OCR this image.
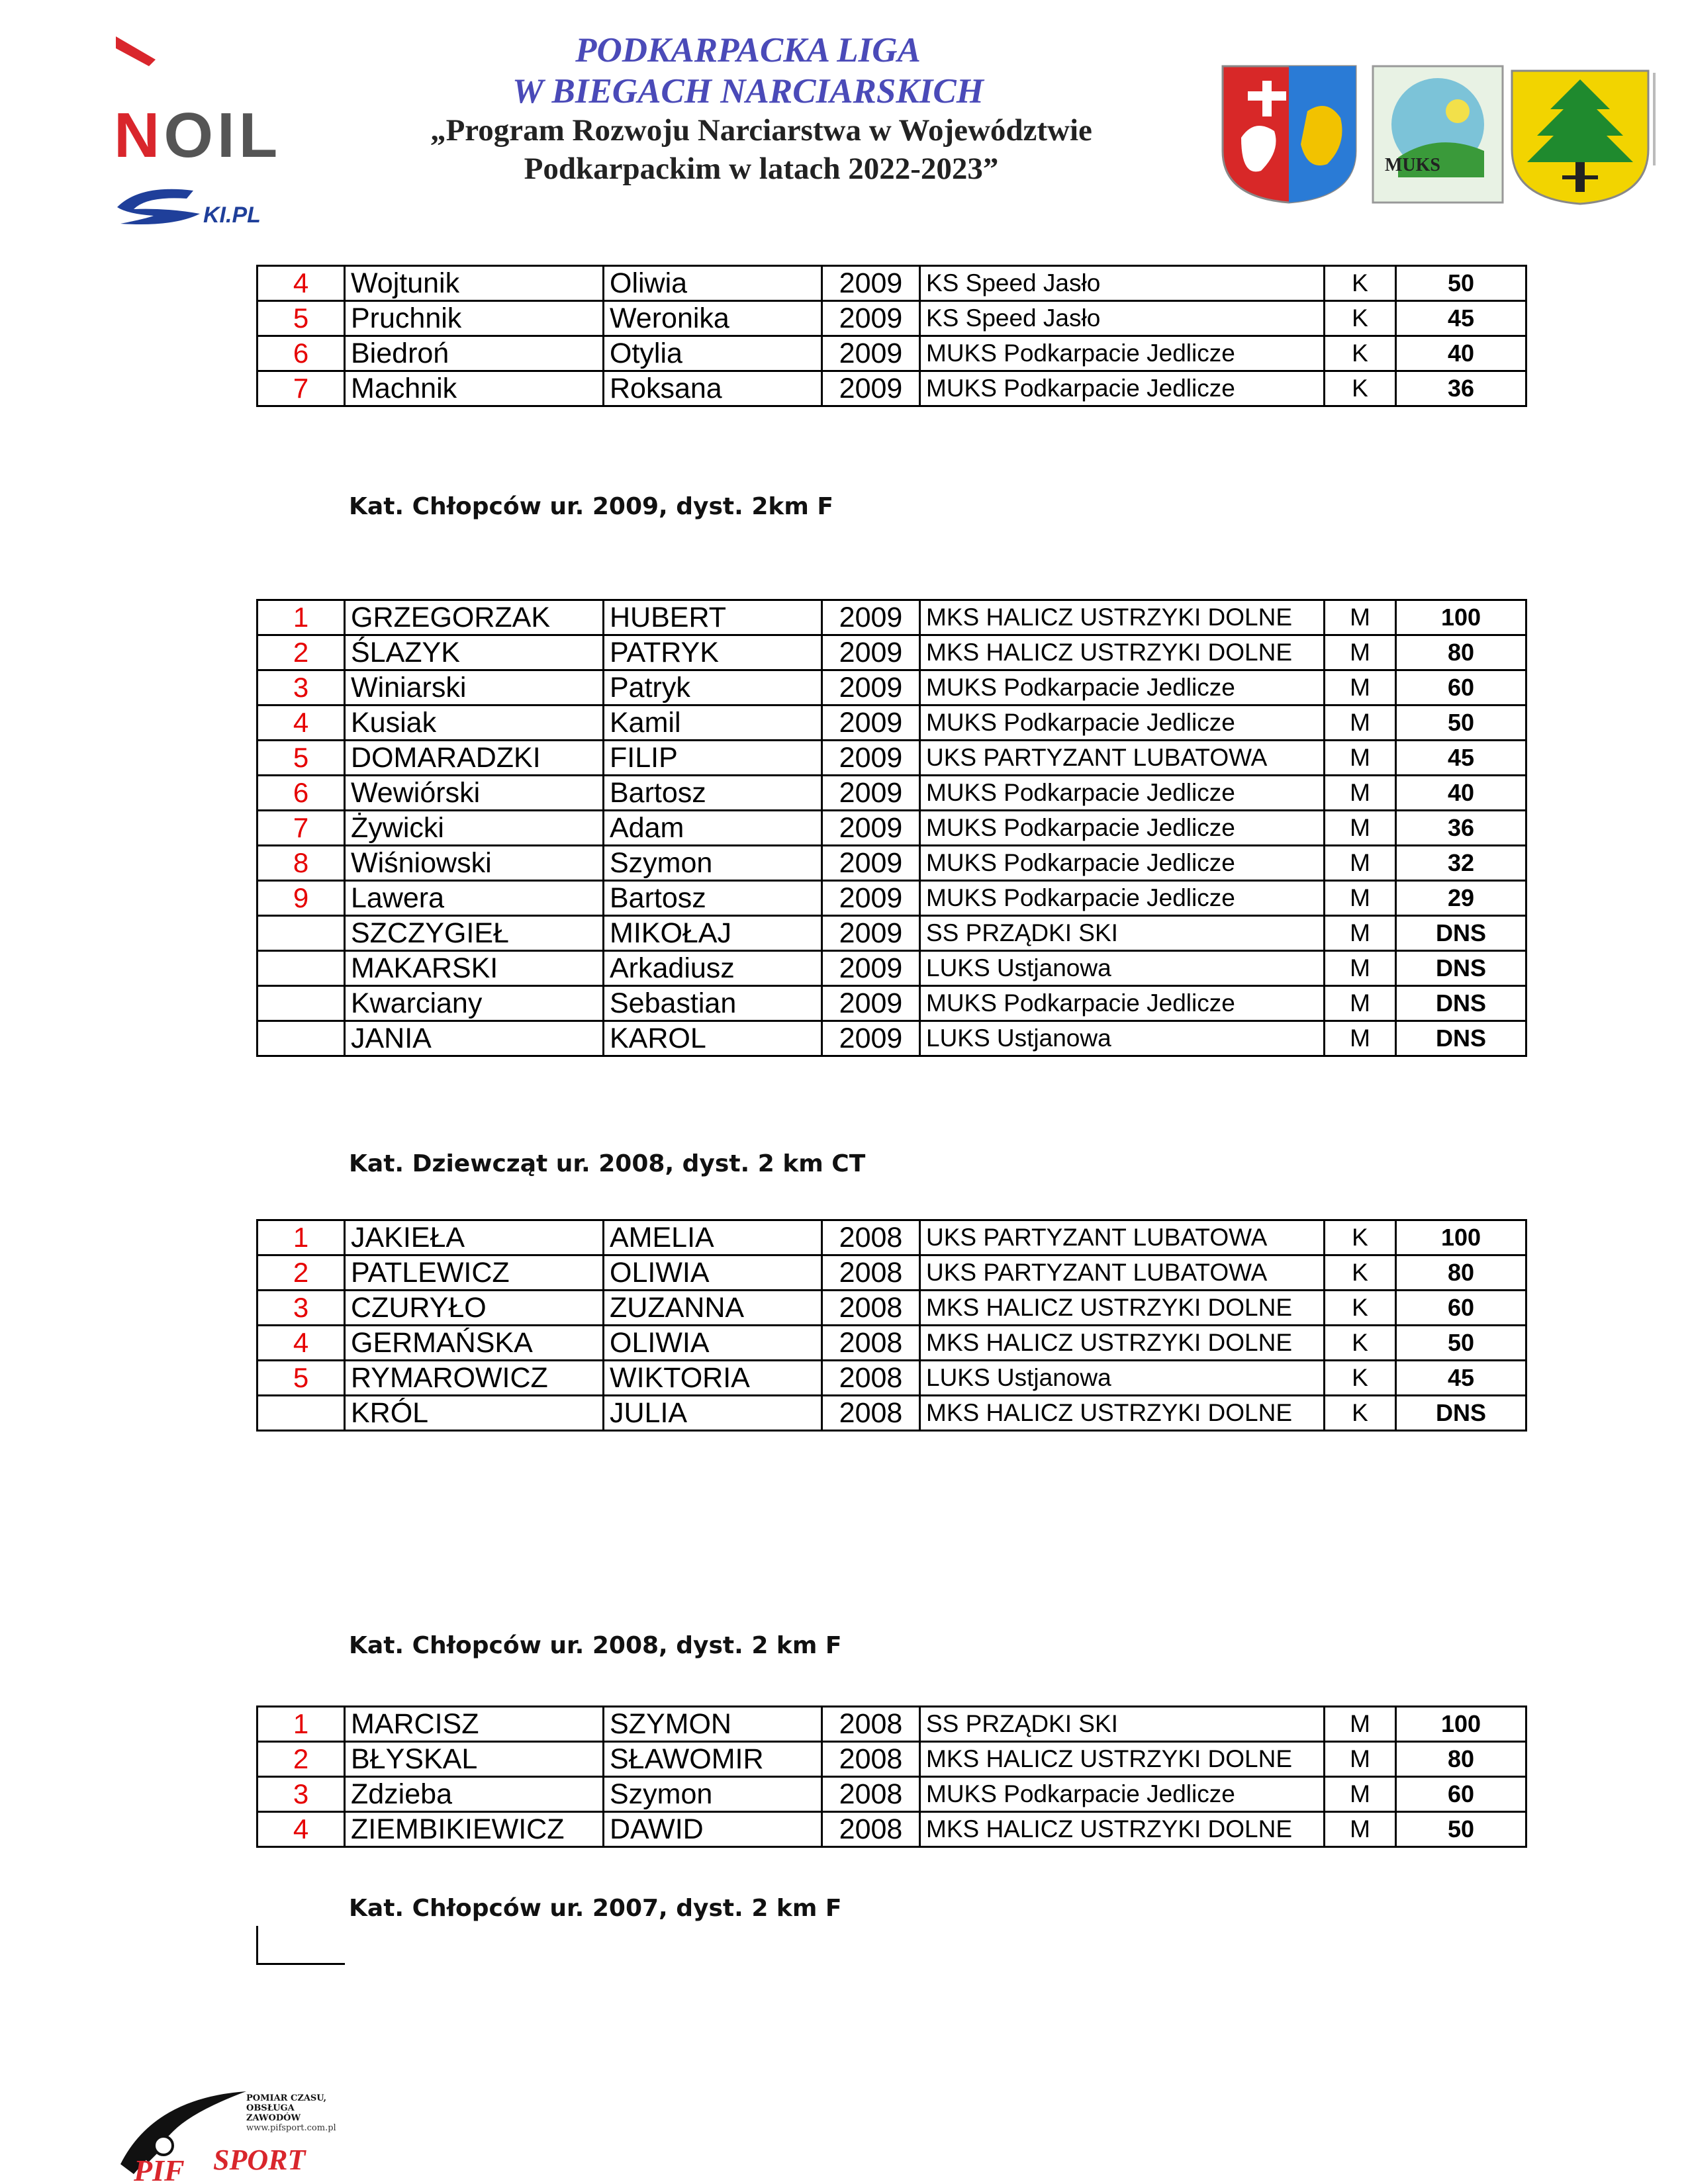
NOIL
KI.PL
PODKARPACKA LIGA
W BIEGACH NARCIARSKICH
„Program Rozwoju Narciarstwa w Województwie
Podkarpackim w latach 2022-2023”	MUKS
4	Wojtunik	Oliwia	2009	KS Speed Jasło	K	50
5	Pruchnik	Weronika	2009	KS Speed Jasło	K	45
6	Biedroń	Otylia	2009	MUKS Podkarpacie Jedlicze	K	40
7	Machnik	Roksana	2009	MUKS Podkarpacie Jedlicze	K	36
Kat. Chłopców ur. 2009, dyst. 2km F
1	GRZEGORZAK	HUBERT	2009	MKS HALICZ USTRZYKI DOLNE	M	100
2	ŚLAZYK	PATRYK	2009	MKS HALICZ USTRZYKI DOLNE	M	80
3	Winiarski	Patryk	2009	MUKS Podkarpacie Jedlicze	M	60
4	Kusiak	Kamil	2009	MUKS Podkarpacie Jedlicze	M	50
5	DOMARADZKI	FILIP	2009	UKS PARTYZANT LUBATOWA	M	45
6	Wewiórski	Bartosz	2009	MUKS Podkarpacie Jedlicze	M	40
7	Żywicki	Adam	2009	MUKS Podkarpacie Jedlicze	M	36
8	Wiśniowski	Szymon	2009	MUKS Podkarpacie Jedlicze	M	32
9	Lawera	Bartosz	2009	MUKS Podkarpacie Jedlicze	M	29
	SZCZYGIEŁ	MIKOŁAJ	2009	SS PRZĄDKI SKI	M	DNS
	MAKARSKI	Arkadiusz	2009	LUKS Ustjanowa	M	DNS
	Kwarciany	Sebastian	2009	MUKS Podkarpacie Jedlicze	M	DNS
	JANIA	KAROL	2009	LUKS Ustjanowa	M	DNS
Kat. Dziewcząt ur. 2008, dyst. 2 km CT
1	JAKIEŁA	AMELIA	2008	UKS PARTYZANT LUBATOWA	K	100
2	PATLEWICZ	OLIWIA	2008	UKS PARTYZANT LUBATOWA	K	80
3	CZURYŁO	ZUZANNA	2008	MKS HALICZ USTRZYKI DOLNE	K	60
4	GERMAŃSKA	OLIWIA	2008	MKS HALICZ USTRZYKI DOLNE	K	50
5	RYMAROWICZ	WIKTORIA	2008	LUKS Ustjanowa	K	45
	KRÓL	JULIA	2008	MKS HALICZ USTRZYKI DOLNE	K	DNS
Kat. Chłopców ur. 2008, dyst. 2 km F
1	MARCISZ	SZYMON	2008	SS PRZĄDKI SKI	M	100
2	BŁYSKAL	SŁAWOMIR	2008	MKS HALICZ USTRZYKI DOLNE	M	80
3	Zdzieba	Szymon	2008	MUKS Podkarpacie Jedlicze	M	60
4	ZIEMBIKIEWICZ	DAWID	2008	MKS HALICZ USTRZYKI DOLNE	M	50
Kat. Chłopców ur. 2007, dyst. 2 km F
PIF SPORT
POMIAR CZASU,
OBSŁUGA
ZAWODÓW
www.pifsport.com.pl
